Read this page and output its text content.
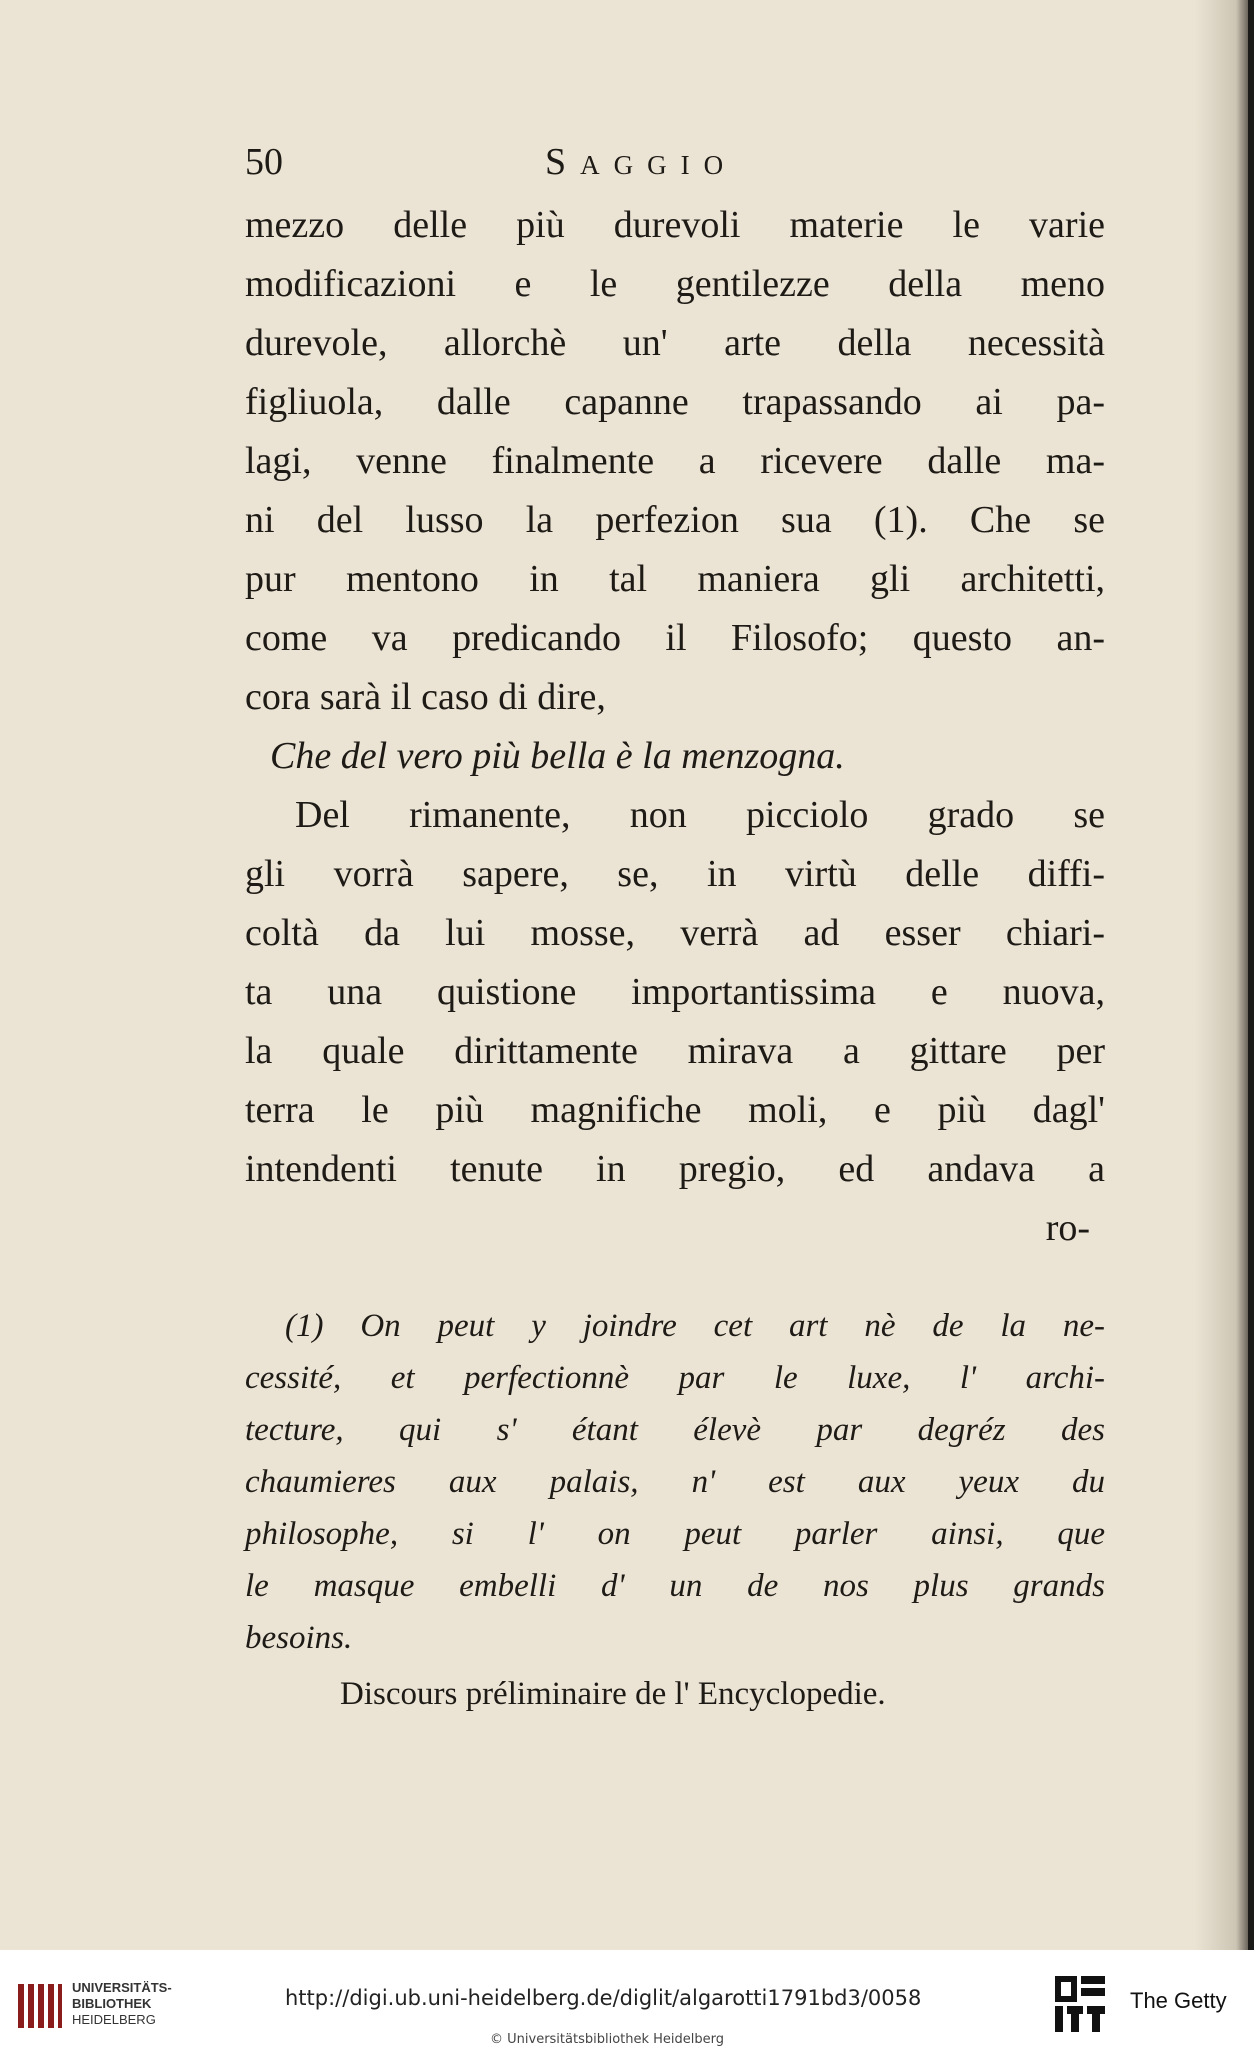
50	Saggio
mezzo delle più durevoli materie le varie
modificazioni e le gentilezze della meno
durevole, allorchè un' arte della necessità
figliuola, dalle capanne trapassando ai pa-
lagi, venne finalmente a ricevere dalle ma-
ni del lusso la perfezion sua (1). Che se
pur mentono in tal maniera gli architetti,
come va predicando il Filosofo; questo an-
cora sarà il caso di dire,
Che del vero più bella è la menzogna.
Del rimanente, non picciolo grado se
gli vorrà sapere, se, in virtù delle diffi-
coltà da lui mosse, verrà ad esser chiari-
ta una quistione importantissima e nuova,
la quale dirittamente mirava a gittare per
terra le più magnifiche moli, e più dagl'
intendenti tenute in pregio, ed andava a
ro-
(1) On peut y joindre cet art nè de la ne-
cessité, et perfectionnè par le luxe, l' archi-
tecture, qui s' étant élevè par degréz des
chaumieres aux palais, n' est aux yeux du
philosophe, si l' on peut parler ainsi, que
le masque embelli d' un de nos plus grands
besoins.
Discours préliminaire de l' Encyclopedie.
UNIVERSITÄTS-
BIBLIOTHEK
HEIDELBERG
http://digi.ub.uni-heidelberg.de/diglit/algarotti1791bd3/0058
© Universitätsbibliothek Heidelberg
The Getty
